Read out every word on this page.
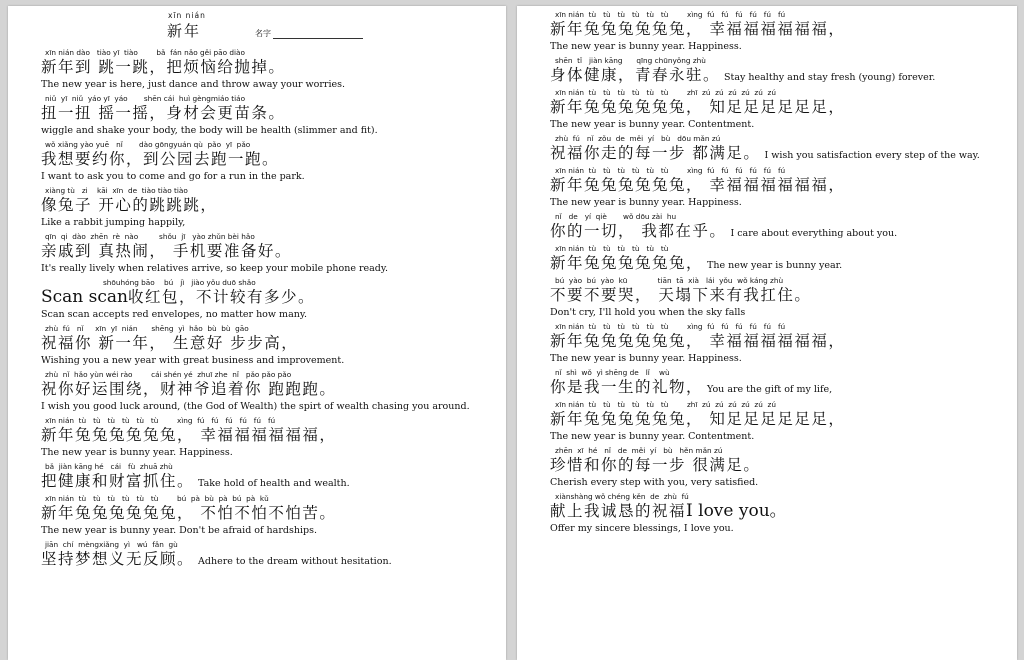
xīn nián
新年	名字
xīn nián dào   tiào yī  tiào        bǎ  fán nǎo gěi pāo diào
新年到 跳一跳，把烦恼给抛掉。
The new year is here, just dance and throw away your worries.
niǔ  yī  niǔ  yáo yī  yáo       shēn cái  huì gèngmiáo tiáo
扭一扭 摇一摇，身材会更苗条。
wiggle and shake your body, the body will be health (slimmer and fit).
wǒ xiǎng yào yuē   nǐ       dào gōngyuán qù  pǎo  yī  pǎo
我想要约你，到公园去跑一跑。
I want to ask you to come and go for a run in the park.
xiàng tù   zi    kāi  xīn  de  tiào tiào tiào
像兔子 开心的跳跳跳，
Like a rabbit jumping happily,
qīn  qi  dào  zhēn  rè  nào         shǒu  jī   yào zhǔn bèi hǎo
亲戚到 真热闹， 手机要准备好。
It's really lively when relatives arrive, so keep your mobile phone ready.
shōuhóng bāo    bú   jì   jiào yǒu duō shǎo
Scan scan收红包，不计较有多少。
Scan scan accepts red envelopes, no matter how many.
zhù  fú   nǐ     xīn  yī  nián      shēng  yì  hǎo  bù  bù  gāo
祝福你 新一年， 生意好 步步高，
Wishing you a new year with great business and improvement.
zhù  nǐ  hǎo yùn wéi rào        cái shén yé  zhuī zhe  nǐ   pǎo pǎo pǎo
祝你好运围绕，财神爷追着你 跑跑跑。
I wish you good luck around, (the God of Wealth) the spirt of wealth chasing you around.
xīn nián  tù   tù   tù   tù   tù   tù        xìng  fú   fú   fú   fú   fú   fú
新年兔兔兔兔兔兔， 幸福福福福福福，
The new year is bunny year. Happiness.
bǎ  jiàn kāng hé   cái   fù  zhuā zhù
把健康和财富抓住。 Take hold of health and wealth.
xīn nián  tù   tù   tù   tù   tù   tù        bú  pà  bù  pà  bú  pà  kǔ
新年兔兔兔兔兔兔， 不怕不怕不怕苦。
The new year is bunny year. Don't be afraid of hardships.
jiān  chí  mèngxiǎng  yì   wú  fǎn  gù
坚持梦想义无反顾。 Adhere to the dream without hesitation.
xīn nián  tù   tù   tù   tù   tù   tù        xìng  fú   fú   fú   fú   fú   fú
新年兔兔兔兔兔兔， 幸福福福福福福，
The new year is bunny year. Happiness.
shēn  tǐ   jiàn kāng      qīng chūnyǒng zhù
身体健康，青春永驻。 Stay healthy and stay fresh (young) forever.
xīn nián  tù   tù   tù   tù   tù   tù        zhī  zú  zú  zú  zú  zú  zú
新年兔兔兔兔兔兔， 知足足足足足足，
The new year is bunny year. Contentment.
zhù  fú   nǐ  zǒu  de  měi  yí   bù   dōu mǎn zú
祝福你走的每一步 都满足。 I wish you satisfaction every step of the way.
xīn nián  tù   tù   tù   tù   tù   tù        xìng  fú   fú   fú   fú   fú   fú
新年兔兔兔兔兔兔， 幸福福福福福福，
The new year is bunny year. Happiness.
nǐ   de   yí  qiè       wǒ dōu zài  hu
你的一切， 我都在乎。 I care about everything about you.
xīn nián  tù   tù   tù   tù   tù   tù
新年兔兔兔兔兔兔， The new year is bunny year.
bú  yào  bú  yào  kū             tiān  tā  xià   lái  yǒu  wǒ káng zhù
不要不要哭， 天塌下来有我扛住。
Don't cry, I'll hold you when the sky falls
xīn nián  tù   tù   tù   tù   tù   tù        xìng  fú   fú   fú   fú   fú   fú
新年兔兔兔兔兔兔， 幸福福福福福福，
The new year is bunny year. Happiness.
nǐ  shì  wǒ  yì shēng de   lǐ    wù
你是我一生的礼物， You are the gift of my life,
xīn nián  tù   tù   tù   tù   tù   tù        zhī  zú  zú  zú  zú  zú  zú
新年兔兔兔兔兔兔， 知足足足足足足，
The new year is bunny year. Contentment.
zhēn  xī  hé   nǐ   de  měi  yí   bù   hěn mǎn zú
珍惜和你的每一步 很满足。
Cherish every step with you, very satisfied.
xiànshàng wǒ chéng kěn  de  zhù  fú
献上我诚恳的祝福I love you。
Offer my sincere blessings, I love you.
